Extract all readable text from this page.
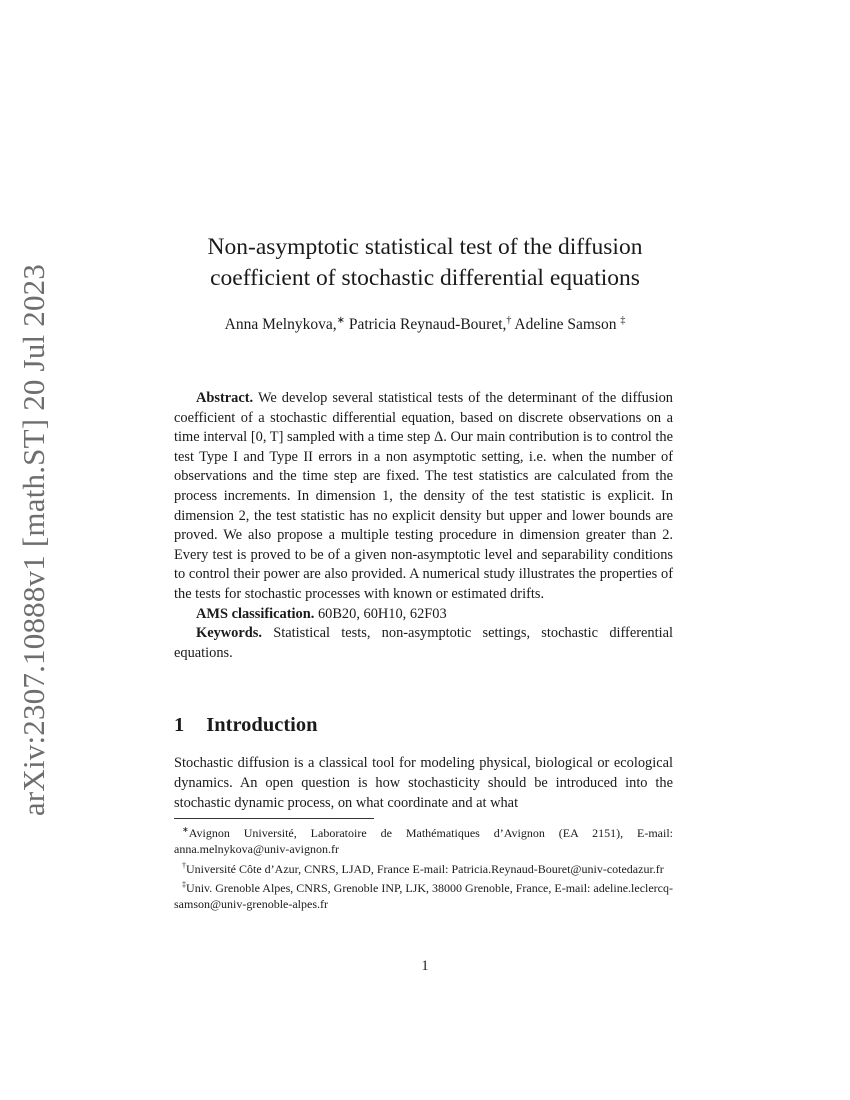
arXiv:2307.10888v1 [math.ST] 20 Jul 2023
Non-asymptotic statistical test of the diffusion
coefficient of stochastic differential equations
Anna Melnykova,∗ Patricia Reynaud-Bouret,† Adeline Samson ‡

Abstract. We develop several statistical tests of the determinant of the diffusion coefficient of a stochastic differential equation, based on discrete observations on a time interval [0, T] sampled with a time step Δ. Our main contribution is to control the test Type I and Type II errors in a non asymptotic setting, i.e. when the number of observations and the time step are fixed. The test statistics are calculated from the process increments. In dimension 1, the density of the test statistic is explicit. In dimension 2, the test statistic has no explicit density but upper and lower bounds are proved. We also propose a multiple testing procedure in dimension greater than 2. Every test is proved to be of a given non-asymptotic level and separability conditions to control their power are also provided. A numerical study illustrates the properties of the tests for stochastic processes with known or estimated drifts.

AMS classification. 60B20, 60H10, 62F03

Keywords. Statistical tests, non-asymptotic settings, stochastic differential equations.

1 Introduction

Stochastic diffusion is a classical tool for modeling physical, biological or ecological dynamics. An open question is how stochasticity should be introduced into the stochastic dynamic process, on what coordinate and at what

∗Avignon Université, Laboratoire de Mathématiques d’Avignon (EA 2151), E-mail: anna.melnykova@univ-avignon.fr

†Université Côte d’Azur, CNRS, LJAD, France E-mail: Patricia.Reynaud-Bouret@univ-cotedazur.fr

‡Univ. Grenoble Alpes, CNRS, Grenoble INP, LJK, 38000 Grenoble, France, E-mail: adeline.leclercq-samson@univ-grenoble-alpes.fr

1
